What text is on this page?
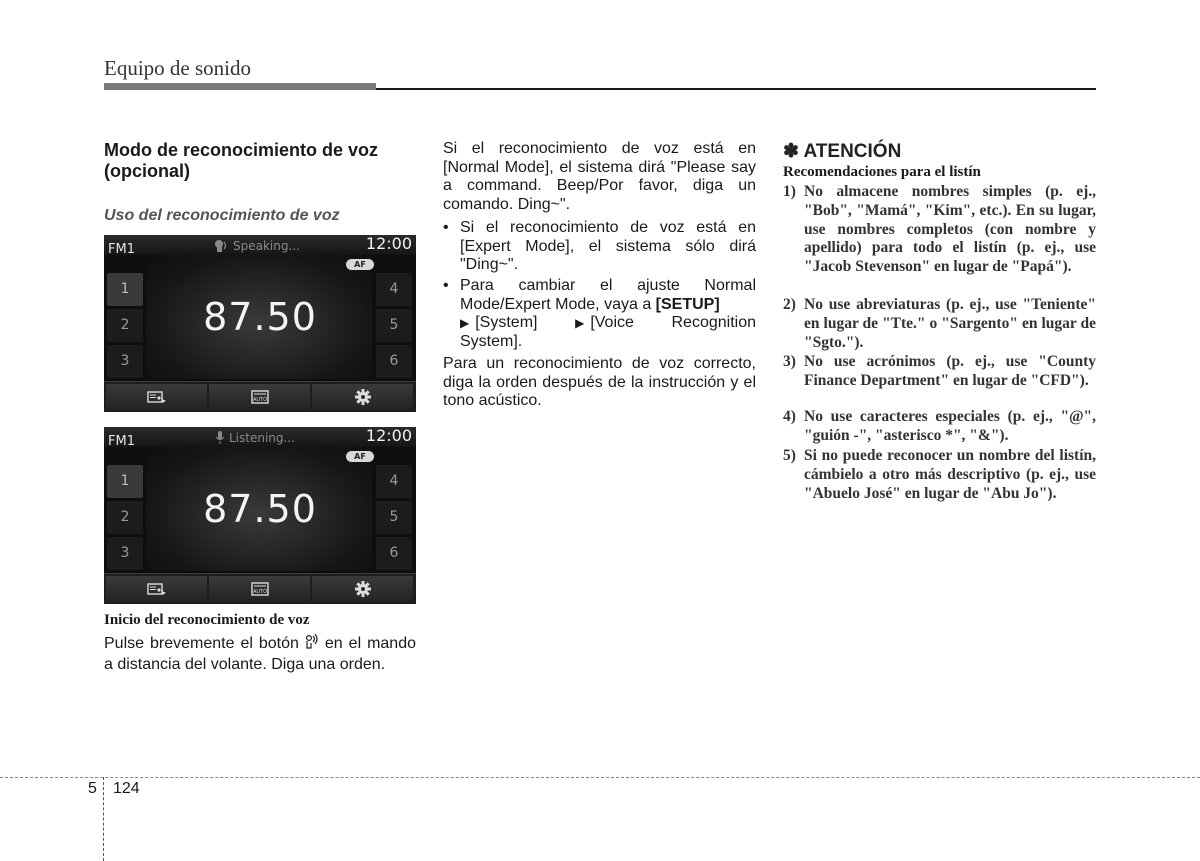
Equipo de sonido
Modo de reconocimiento de voz (opcional)
Uso del reconocimiento de voz
FM1	Speaking...	12:00
AF
87.50
1
2
3
4
5
6
AUTO
FM1	Listening...	12:00
AF
87.50
1
2
3
4
5
6
AUTO
Inicio del reconocimiento de voz
Pulse brevemente el botón en el mando a distancia del volante. Diga una orden.
Si el reconocimiento de voz está en [Normal Mode], el sistema dirá "Please say a command. Beep/Por favor, diga un comando. Ding~".
• Si el reconocimiento de voz está en [Expert Mode], el sistema sólo dirá "Ding~".
• Para cambiar el ajuste Normal Mode/Expert Mode, vaya a [SETUP]
▶ [System]	▶ [Voice Recognition System].
Para un reconocimiento de voz correcto, diga la orden después de la instrucción y el tono acústico.
✽ ATENCIÓN
Recomendaciones para el listín
1) No almacene nombres simples (p. ej., "Bob", "Mamá", "Kim", etc.). En su lugar, use nombres completos (con nombre y apellido) para todo el listín (p. ej., use "Jacob Stevenson" en lugar de "Papá").
2) No use abreviaturas (p. ej., use "Teniente" en lugar de "Tte." o "Sargento" en lugar de "Sgto.").
3) No use acrónimos (p. ej., use "County Finance Department" en lugar de "CFD").
4) No use caracteres especiales (p. ej., "@", "guión -", "asterisco *", "&").
5) Si no puede reconocer un nombre del listín, cámbielo a otro más descriptivo (p. ej., use "Abuelo José" en lugar de "Abu Jo").
5 124
